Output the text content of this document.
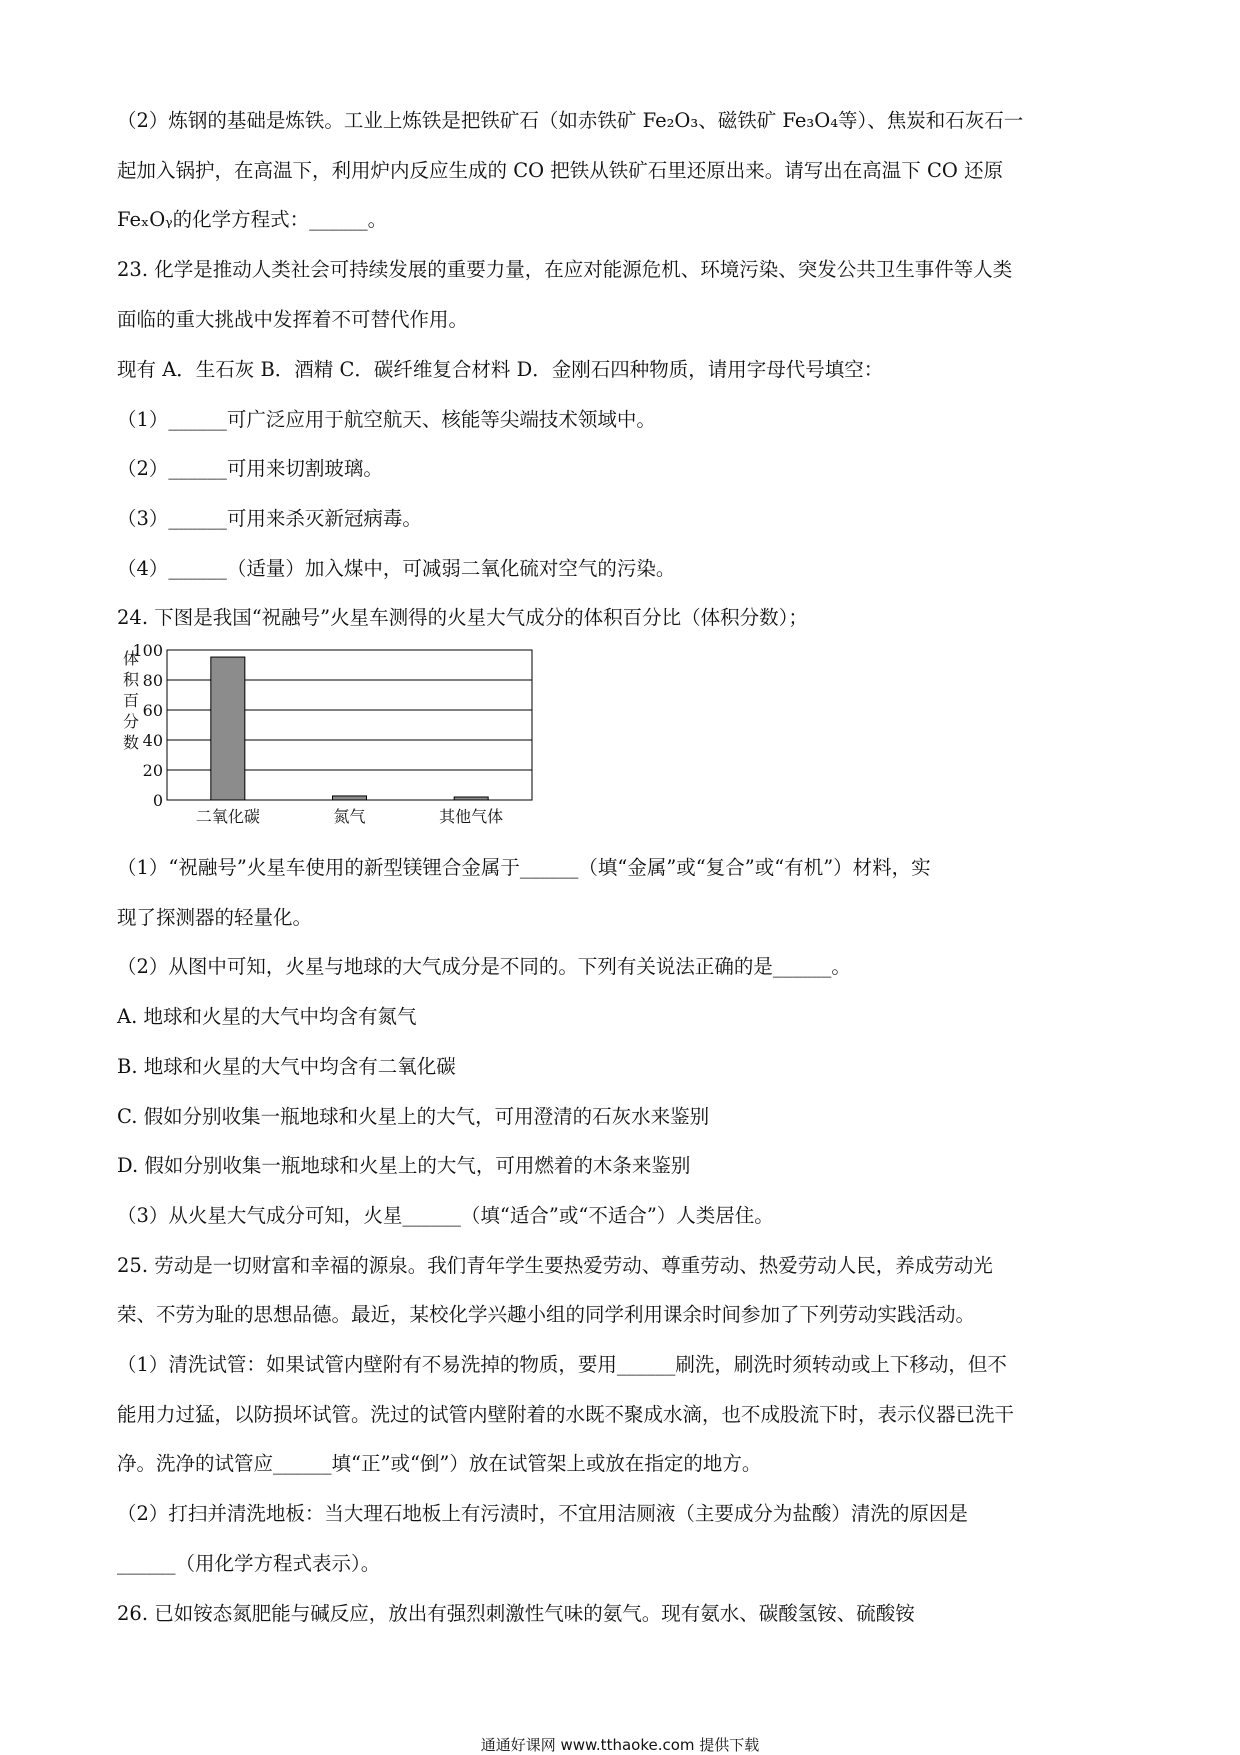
（2）炼钢的基础是炼铁。工业上炼铁是把铁矿石（如赤铁矿 Fe₂O₃、磁铁矿 Fe₃O₄等）、焦炭和石灰石一
起加入锅护，在高温下，利用炉内反应生成的 CO 把铁从铁矿石里还原出来。请写出在高温下 CO 还原
FeₓOᵧ的化学方程式：______。
23. 化学是推动人类社会可持续发展的重要力量，在应对能源危机、环境污染、突发公共卫生事件等人类
面临的重大挑战中发挥着不可替代作用。
现有 A．生石灰 B．酒精 C．碳纤维复合材料 D．金刚石四种物质，请用字母代号填空：
（1）______可广泛应用于航空航天、核能等尖端技术领域中。
（2）______可用来切割玻璃。
（3）______可用来杀灭新冠病毒。
（4）______（适量）加入煤中，可减弱二氧化硫对空气的污染。
24. 下图是我国“祝融号”火星车测得的火星大气成分的体积百分比（体积分数）；
（1）“祝融号”火星车使用的新型镁锂合金属于______（填“金属”或“复合”或“有机”）材料，实
现了探测器的轻量化。
（2）从图中可知，火星与地球的大气成分是不同的。下列有关说法正确的是______。
A. 地球和火星的大气中均含有氮气
B. 地球和火星的大气中均含有二氧化碳
C. 假如分别收集一瓶地球和火星上的大气，可用澄清的石灰水来鉴别
D. 假如分别收集一瓶地球和火星上的大气，可用燃着的木条来鉴别
（3）从火星大气成分可知，火星______（填“适合”或“不适合”）人类居住。
25. 劳动是一切财富和幸福的源泉。我们青年学生要热爱劳动、尊重劳动、热爱劳动人民，养成劳动光
荣、不劳为耻的思想品德。最近，某校化学兴趣小组的同学利用课余时间参加了下列劳动实践活动。
（1）清洗试管：如果试管内壁附有不易洗掉的物质，要用______刷洗，刷洗时须转动或上下移动，但不
能用力过猛，以防损坏试管。洗过的试管内壁附着的水既不聚成水滴，也不成股流下时，表示仪器已洗干
净。洗净的试管应______填“正”或“倒”）放在试管架上或放在指定的地方。
（2）打扫并清洗地板：当大理石地板上有污渍时，不宜用洁厕液（主要成分为盐酸）清洗的原因是
______（用化学方程式表示）。
26. 已如铵态氮肥能与碱反应，放出有强烈刺激性气味的氨气。现有氨水、碳酸氢铵、硫酸铵
0
20
40
60
80
100
体
积
百
分
数
二氧化碳	氮气	其他气体
通通好课网 www.tthaoke.com 提供下载
